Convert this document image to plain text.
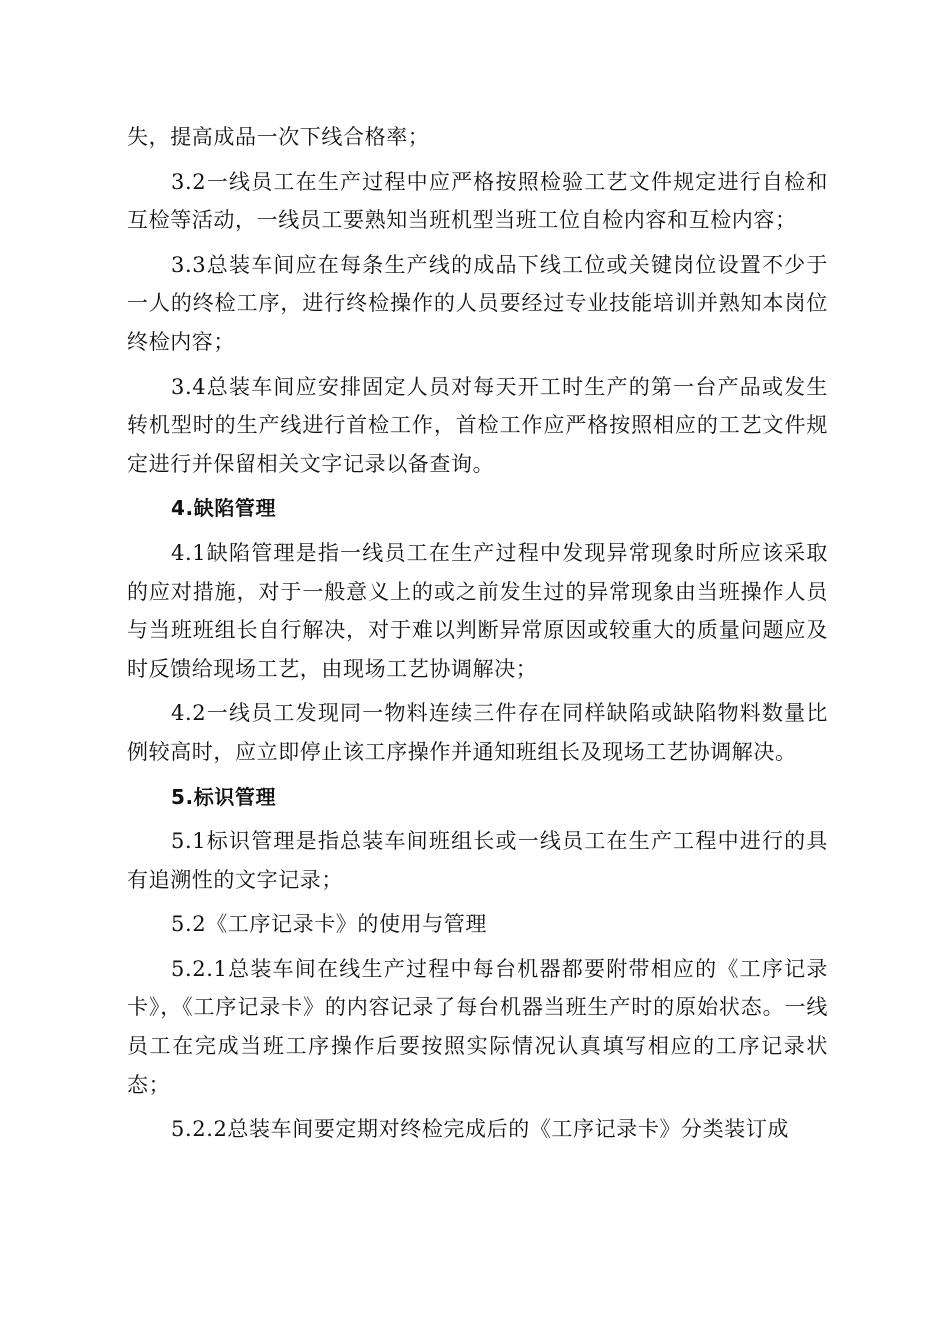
失，提高成品一次下线合格率；

3.2一线员工在生产过程中应严格按照检验工艺文件规定进行自检和互检等活动，一线员工要熟知当班机型当班工位自检内容和互检内容；

3.3总装车间应在每条生产线的成品下线工位或关键岗位设置不少于一人的终检工序，进行终检操作的人员要经过专业技能培训并熟知本岗位终检内容；

3.4总装车间应安排固定人员对每天开工时生产的第一台产品或发生转机型时的生产线进行首检工作，首检工作应严格按照相应的工艺文件规定进行并保留相关文字记录以备查询。

4.缺陷管理

4.1缺陷管理是指一线员工在生产过程中发现异常现象时所应该采取的应对措施，对于一般意义上的或之前发生过的异常现象由当班操作人员与当班班组长自行解决，对于难以判断异常原因或较重大的质量问题应及时反馈给现场工艺，由现场工艺协调解决；

4.2一线员工发现同一物料连续三件存在同样缺陷或缺陷物料数量比例较高时，应立即停止该工序操作并通知班组长及现场工艺协调解决。

5.标识管理

5.1标识管理是指总装车间班组长或一线员工在生产工程中进行的具有追溯性的文字记录；

5.2《工序记录卡》的使用与管理

5.2.1总装车间在线生产过程中每台机器都要附带相应的《工序记录卡》，《工序记录卡》的内容记录了每台机器当班生产时的原始状态。一线员工在完成当班工序操作后要按照实际情况认真填写相应的工序记录状态；

5.2.2总装车间要定期对终检完成后的《工序记录卡》分类装订成
